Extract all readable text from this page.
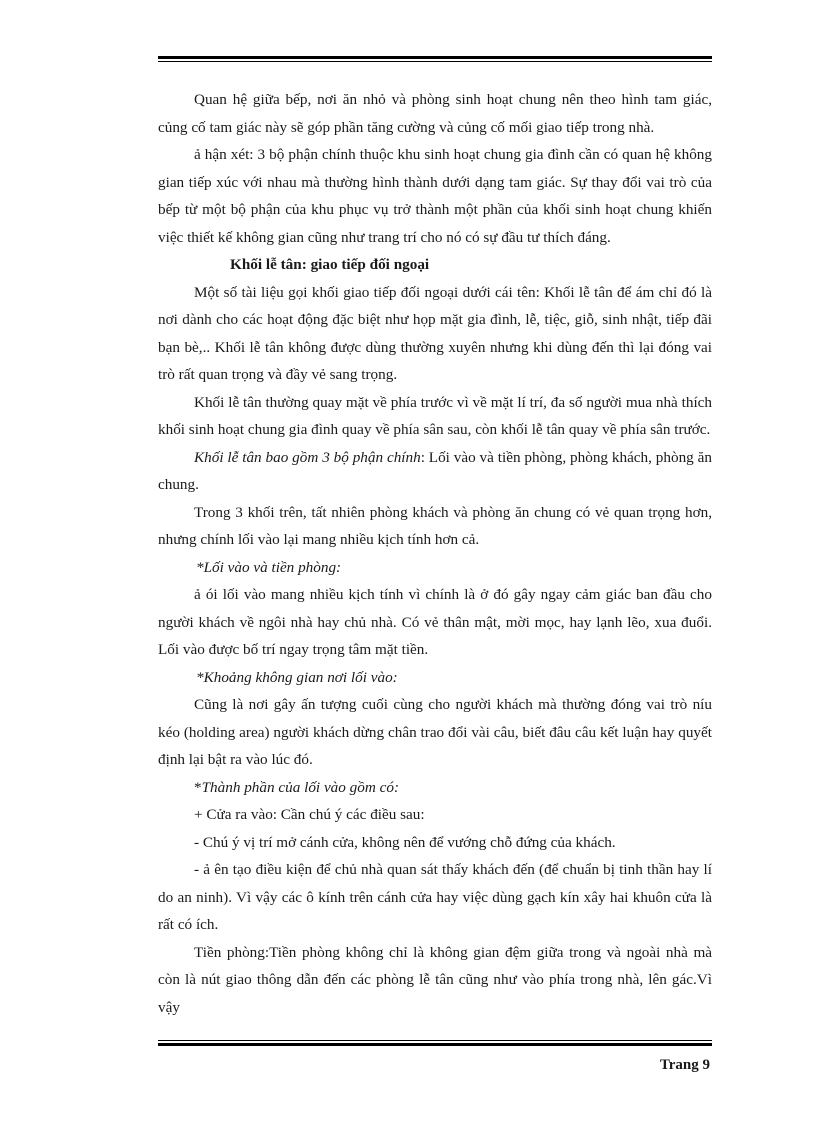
Quan hệ giữa bếp, nơi ăn nhỏ và phòng sinh hoạt chung nên theo hình tam giác, củng cố tam giác này sẽ góp phần tăng cường và củng cố mối giao tiếp trong nhà.

ả hận xét: 3 bộ phận chính thuộc khu sinh hoạt chung gia đình cần có quan hệ không gian tiếp xúc với nhau mà thường hình thành dưới dạng tam giác. Sự thay đổi vai trò của bếp từ một bộ phận của khu phục vụ trở thành một phần của khối sinh hoạt chung khiến việc thiết kế không gian cũng như trang trí cho nó có sự đầu tư thích đáng.

Khối lễ tân: giao tiếp đối ngoại

Một số tài liệu gọi khối giao tiếp đối ngoại dưới cái tên: Khối lễ tân để ám chỉ đó là nơi dành cho các hoạt động đặc biệt như họp mặt gia đình, lễ, tiệc, giỗ, sinh nhật, tiếp đãi bạn bè,.. Khối lễ tân không được dùng thường xuyên nhưng khi dùng đến thì lại đóng vai trò rất quan trọng và đầy vẻ sang trọng.

Khối lễ tân thường quay mặt về phía trước vì về mặt lí trí, đa số người mua nhà thích khối sinh hoạt chung gia đình quay về phía sân sau, còn khối lễ tân quay về phía sân trước.

Khối lễ tân bao gồm 3 bộ phận chính: Lối vào và tiền phòng, phòng khách, phòng ăn chung.

Trong 3 khối trên, tất nhiên phòng khách và phòng ăn chung có vẻ quan trọng hơn, nhưng chính lối vào lại mang nhiều kịch tính hơn cả.

*Lối vào và tiền phòng:

ả ói lối vào mang nhiều kịch tính vì chính là ở đó gây ngay cảm giác ban đầu cho người khách về ngôi nhà hay chủ nhà. Có vẻ thân mật, mời mọc, hay lạnh lẽo, xua đuổi. Lối vào được bố trí ngay trọng tâm mặt tiền.

*Khoảng không gian nơi lối vào:

Cũng là nơi gây ấn tượng cuối cùng cho người khách mà thường đóng vai trò níu kéo (holding area) người khách dừng chân trao đổi vài câu, biết đâu câu kết luận hay quyết định lại bật ra vào lúc đó.

*Thành phần của lối vào gồm có:

+ Cửa ra vào: Cần chú ý các điều sau:

- Chú ý vị trí mở cánh cửa, không nên để vướng chỗ đứng của khách.

- ả ên tạo điều kiện để chủ nhà quan sát thấy khách đến (để chuẩn bị tinh thần hay lí do an ninh). Vì vậy các ô kính trên cánh cửa hay việc dùng gạch kín xây hai khuôn cửa là rất có ích.

Tiền phòng:Tiền phòng không chỉ là không gian đệm giữa trong và ngoài nhà mà còn là nút giao thông dẫn đến các phòng lễ tân cũng như vào phía trong nhà, lên gác.Vì vậy

Trang 9
